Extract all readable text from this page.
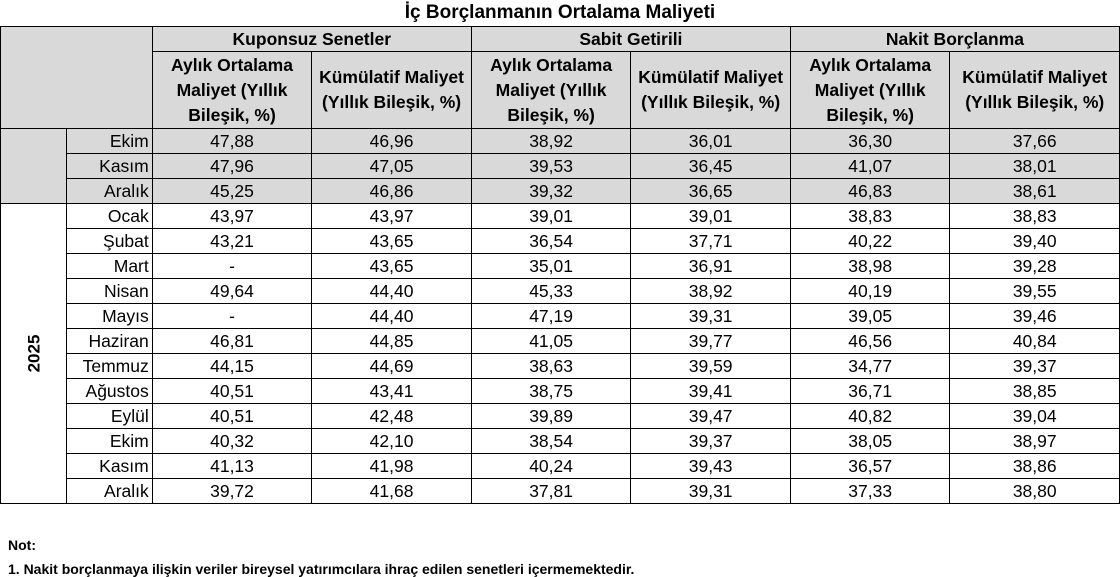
İç Borçlanmanın Ortalama Maliyeti
		Kuponsuz Senetler		Sabit Getirili		Nakit Borçlanma	
		Aylık Ortalama Maliyet (Yıllık Bileşik, %)	Kümülatif Maliyet (Yıllık Bileşik, %)	Aylık Ortalama Maliyet (Yıllık Bileşik, %)	Kümülatif Maliyet (Yıllık Bileşik, %)	Aylık Ortalama Maliyet (Yıllık Bileşik, %)	Kümülatif Maliyet (Yıllık Bileşik, %)
	Ekim	47,88	46,96	38,92	36,01	36,30	37,66
	Kasım	47,96	47,05	39,53	36,45	41,07	38,01
	Aralık	45,25	46,86	39,32	36,65	46,83	38,61
2025	Ocak	43,97	43,97	39,01	39,01	38,83	38,83
	Şubat	43,21	43,65	36,54	37,71	40,22	39,40
	Mart	-	43,65	35,01	36,91	38,98	39,28
	Nisan	49,64	44,40	45,33	38,92	40,19	39,55
	Mayıs	-	44,40	47,19	39,31	39,05	39,46
	Haziran	46,81	44,85	41,05	39,77	46,56	40,84
	Temmuz	44,15	44,69	38,63	39,59	34,77	39,37
	Ağustos	40,51	43,41	38,75	39,41	36,71	38,85
	Eylül	40,51	42,48	39,89	39,47	40,82	39,04
	Ekim	40,32	42,10	38,54	39,37	38,05	38,97
	Kasım	41,13	41,98	40,24	39,43	36,57	38,86
	Aralık	39,72	41,68	37,81	39,31	37,33	38,80
Not:
1. Nakit borçlanmaya ilişkin veriler bireysel yatırımcılara ihraç edilen senetleri içermemektedir.
